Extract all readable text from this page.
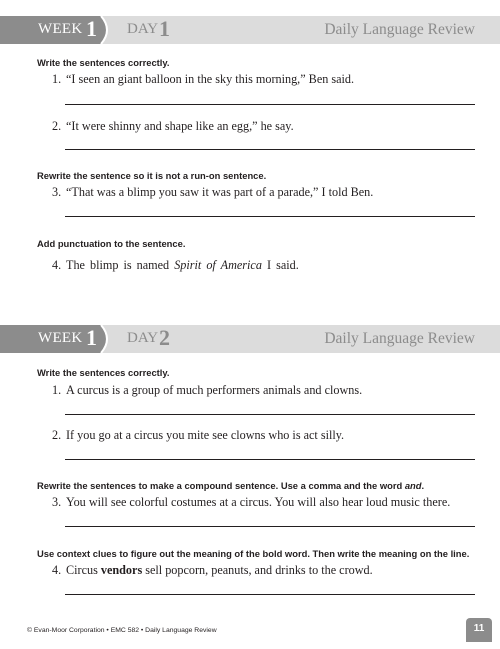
WEEK 1 DAY 1	Daily Language Review
Write the sentences correctly.
1. “I seen an giant balloon in the sky this morning,” Ben said.
2. “It were shinny and shape like an egg,” he say.
Rewrite the sentence so it is not a run-on sentence.
3. “That was a blimp you saw it was part of a parade,” I told Ben.
Add punctuation to the sentence.
4. The blimp is named Spirit of America I said.
WEEK 1 DAY 2	Daily Language Review
Write the sentences correctly.
1. A curcus is a group of much performers animals and clowns.
2. If you go at a circus you mite see clowns who is act silly.
Rewrite the sentences to make a compound sentence. Use a comma and the word and.
3. You will see colorful costumes at a circus. You will also hear loud music there.
Use context clues to figure out the meaning of the bold word. Then write the meaning on the line.
4. Circus vendors sell popcorn, peanuts, and drinks to the crowd.
© Evan-Moor Corporation • EMC 582 • Daily Language Review	11
